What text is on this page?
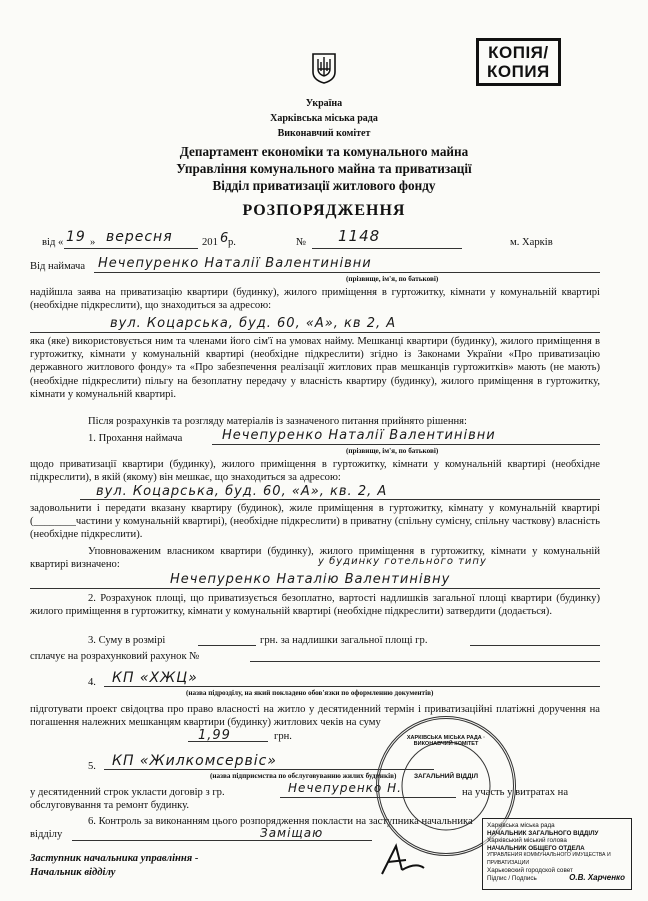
КОПІЯ/
КОПИЯ
Україна
Харківська міська рада
Виконавчий комітет
Департамент економіки та комунального майна
Управління комунального майна та приватизації
Відділ приватизації житлового фонду
РОЗПОРЯДЖЕННЯ
від « 19 » вересня	201 6
р.	№ 1148	м. Харків
Від наймача Нечепуренко Наталії Валентинівни
(прізвище, ім'я, по батькові)
надійшла заява на приватизацію квартири (будинку), жилого приміщення в гуртожитку, кімнати у комунальній квартирі (необхідне підкреслити), що знаходиться за адресою:
вул. Коцарська, буд. 60, «А», кв 2, А
яка (яке) використовується ним та членами його сім'ї на умовах найму. Мешканці квартири (будинку), жилого приміщення в гуртожитку, кімнати у комунальній квартирі (необхідне підкреслити) згідно із Законами України «Про приватизацію державного житлового фонду» та «Про забезпечення реалізації житлових прав мешканців гуртожитків» мають (не мають) (необхідне підкреслити) пільгу на безоплатну передачу у власність квартиру (будинку), жилого приміщення в гуртожитку, кімнати у комунальній квартирі.
Після розрахунків та розгляду матеріалів із зазначеного питання прийнято рішення:
1. Прохання наймача	Нечепуренко Наталії Валентинівни
(прізвище, ім'я, по батькові)
щодо приватизації квартири (будинку), жилого приміщення в гуртожитку, кімнати у комунальній квартирі (необхідне підкреслити), в якій (якому) він мешкає, що знаходиться за адресою:
вул. Коцарська, буд. 60, «А», кв. 2, А
задовольнити і передати вказану квартиру (будинок), жиле приміщення в гуртожитку, кімнату у комунальній квартирі (________частини у комунальній квартирі), (необхідне підкреслити) в приватну (спільну сумісну, спільну часткову) власність (необхідне підкреслити).
Уповноваженим власником квартири (будинку), жилого приміщення в гуртожитку, кімнати у комунальній квартирі визначено:	у будинку готельного типу
Нечепуренко Наталію Валентинівну
2. Розрахунок площі, що приватизується безоплатно, вартості надлишків загальної площі квартири (будинку) жилого приміщення в гуртожитку, кімнати у комунальній квартирі (необхідне підкреслити) затвердити (додається).
3. Суму в розмірі	грн. за надлишки загальної площі гр.
сплачує на розрахунковий рахунок №
4. КП «ХЖЦ»
(назва підрозділу, на який покладено обов'язки по оформленню документів)
підготувати проект свідоцтва про право власності на житло у десятиденний термін і приватизаційні платіжні доручення на погашення належних мешканцям квартири (будинку) житлових чеків на суму
1,99	грн.
5. КП «Жилкомсервіс»
(назва підприємства по обслуговуванню жилих будинків)
у десятиденний строк укласти договір з гр.	Нечепуренко Н.	на участь у витратах на обслуговування та ремонт будинку.
6. Контроль за виконанням цього розпорядження покласти на заступника начальника
відділу	Заміщаю
Заступник начальника управління -
Начальник відділу
ЗАГАЛЬНИЙ ВІДДІЛ
ХАРКІВСЬКА МІСЬКА РАДА · ВИКОНАВЧИЙ КОМІТЕТ
Харківська міська рада
НАЧАЛЬНИК ЗАГАЛЬНОГО ВІДДІЛУ
Харківський міський голова
НАЧАЛЬНИК ОБЩЕГО ОТДЕЛА
УПРАВЛЕНИЯ КОММУНАЛЬНОГО ИМУЩЕСТВА И ПРИВАТИЗАЦИИ
Харьковский городской совет
Підпис / Подпись	О.В. Харченко
